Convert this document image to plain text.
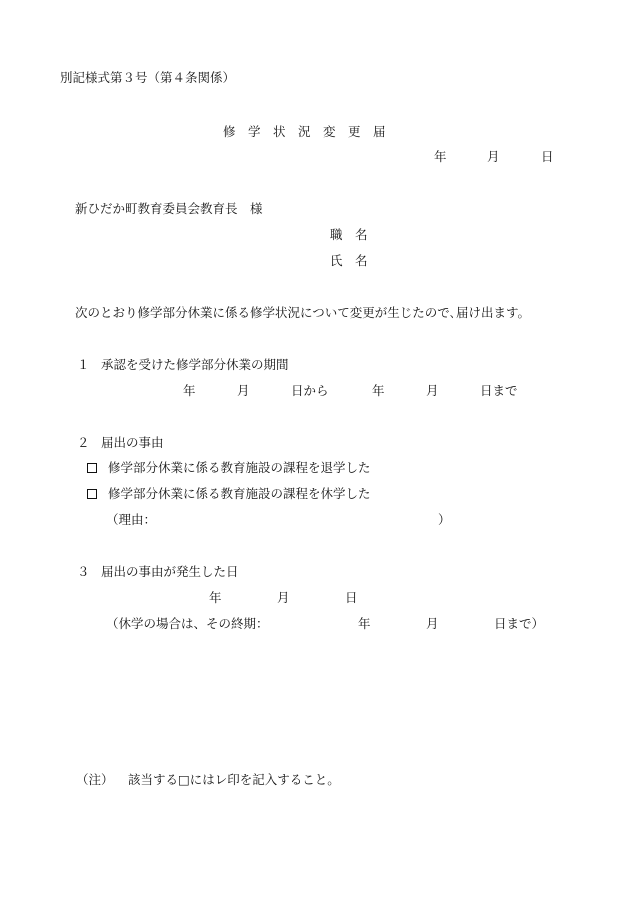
別記様式第３号（第４条関係）
修　学　状　況　変　更　届
年	月	日
新ひだか町教育委員会教育長　様
職　名
氏　名
次のとおり修学部分休業に係る修学状況について変更が生じたので､届け出ます。
１ 承認を受けた修学部分休業の期間
年	月	日から	年	月	日まで
２ 届出の事由
修学部分休業に係る教育施設の課程を退学した
修学部分休業に係る教育施設の課程を休学した
（理由：	）
３ 届出の事由が発生した日
年	月	日
（休学の場合は、その終期：	年	月	日まで）
（注） 該当する□にはレ印を記入すること。
